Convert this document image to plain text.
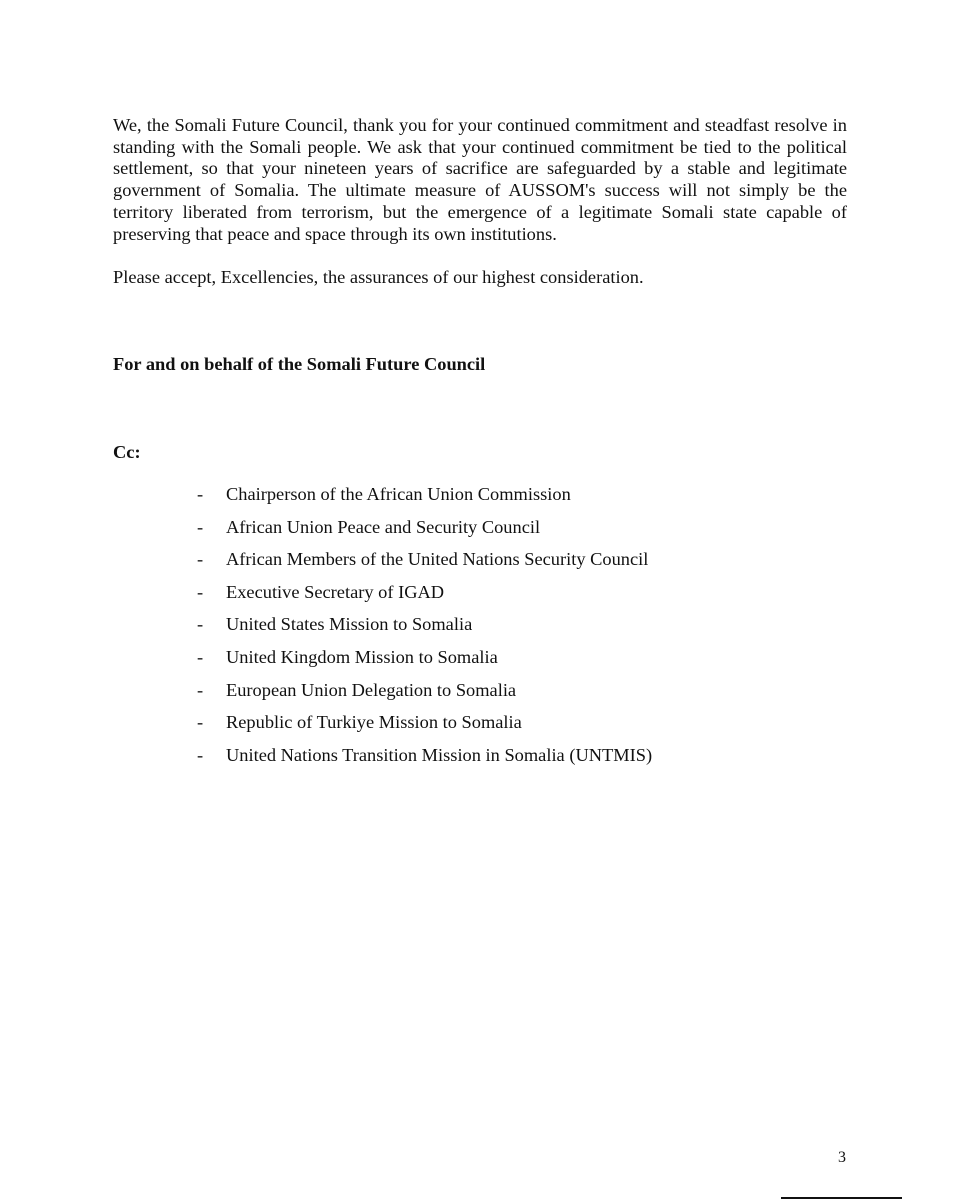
We, the Somali Future Council, thank you for your continued commitment and steadfast resolve in standing with the Somali people. We ask that your continued commitment be tied to the political settlement, so that your nineteen years of sacrifice are safeguarded by a stable and legitimate government of Somalia. The ultimate measure of AUSSOM's success will not simply be the territory liberated from terrorism, but the emergence of a legitimate Somali state capable of preserving that peace and space through its own institutions.

Please accept, Excellencies, the assurances of our highest consideration.

For and on behalf of the Somali Future Council

Cc:

- Chairperson of the African Union Commission
- African Union Peace and Security Council
- African Members of the United Nations Security Council
- Executive Secretary of IGAD
- United States Mission to Somalia
- United Kingdom Mission to Somalia
- European Union Delegation to Somalia
- Republic of Turkiye Mission to Somalia
- United Nations Transition Mission in Somalia (UNTMIS)
3
